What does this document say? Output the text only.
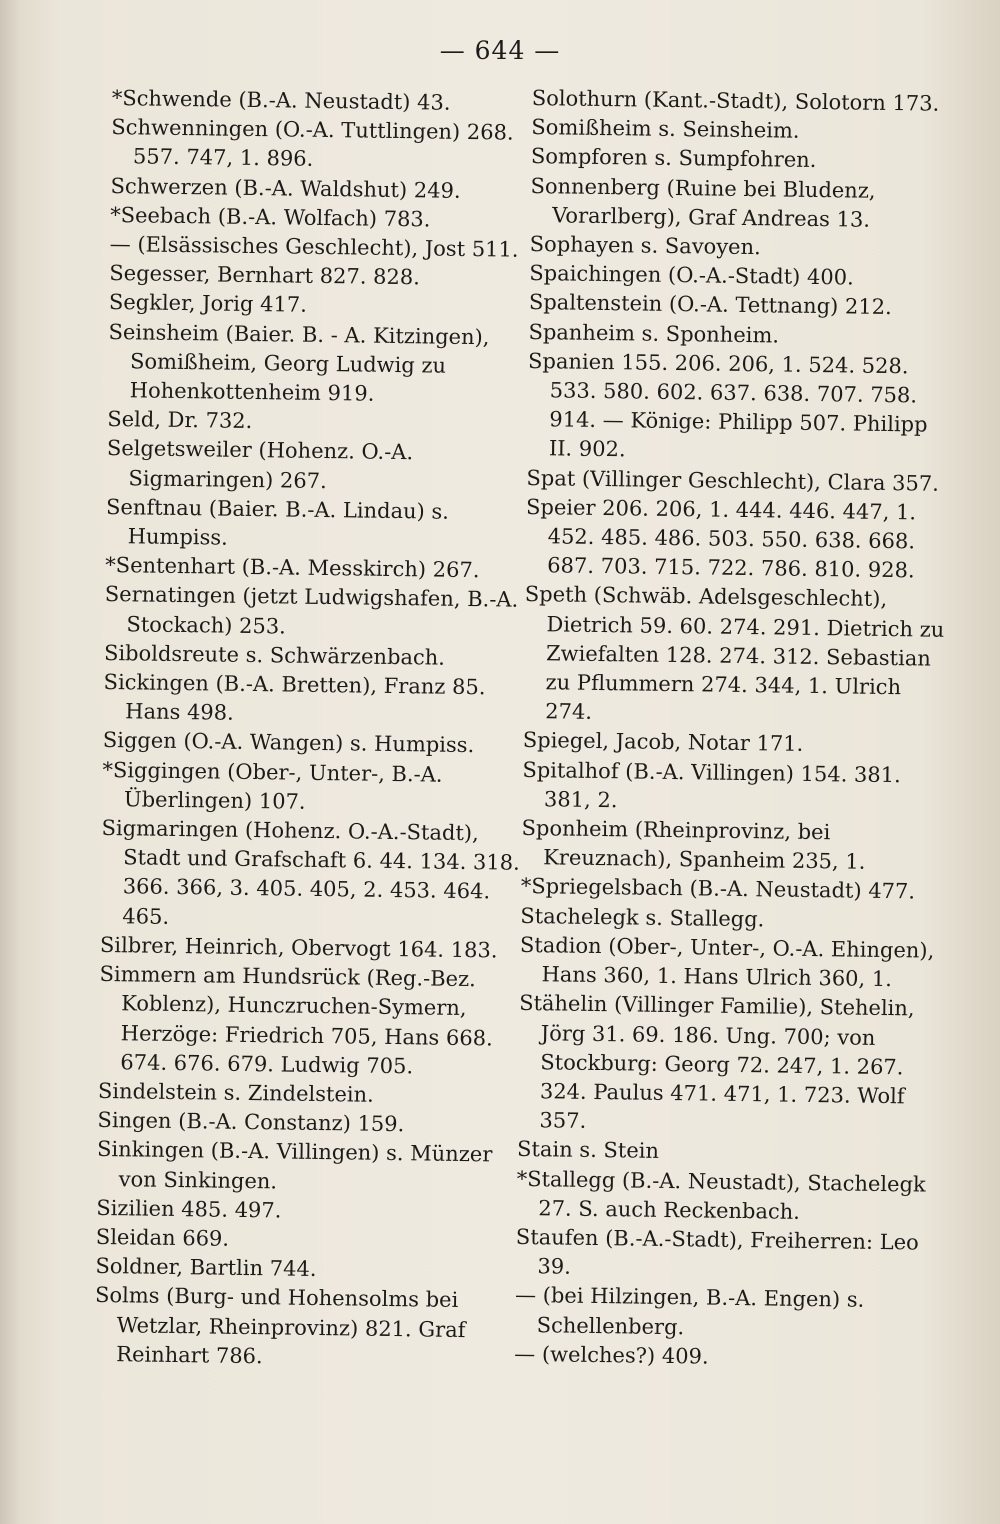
— 644 —
*Schwende (B.-A. Neustadt) 43.
Schwenningen (O.-A. Tuttlingen) 268. 557. 747, 1. 896.
Schwerzen (B.-A. Waldshut) 249.
*Seebach (B.-A. Wolfach) 783.
— (Elsässisches Geschlecht), Jost 511.
Segesser, Bernhart 827. 828.
Segkler, Jorig 417.
Seinsheim (Baier. B. - A. Kitzingen), Somißheim, Georg Ludwig zu Hohenkottenheim 919.
Seld, Dr. 732.
Selgetsweiler (Hohenz. O.-A. Sigmaringen) 267.
Senftnau (Baier. B.-A. Lindau) s. Humpiss.
*Sentenhart (B.-A. Messkirch) 267.
Sernatingen (jetzt Ludwigshafen, B.-A. Stockach) 253.
Siboldsreute s. Schwärzenbach.
Sickingen (B.-A. Bretten), Franz 85. Hans 498.
Siggen (O.-A. Wangen) s. Humpiss.
*Siggingen (Ober-, Unter-, B.-A. Überlingen) 107.
Sigmaringen (Hohenz. O.-A.-Stadt), Stadt und Grafschaft 6. 44. 134. 318. 366. 366, 3. 405. 405, 2. 453. 464. 465.
Silbrer, Heinrich, Obervogt 164. 183.
Simmern am Hundsrück (Reg.-Bez. Koblenz), Hunczruchen-Symern, Herzöge: Friedrich 705, Hans 668. 674. 676. 679. Ludwig 705.
Sindelstein s. Zindelstein.
Singen (B.-A. Constanz) 159.
Sinkingen (B.-A. Villingen) s. Münzer von Sinkingen.
Sizilien 485. 497.
Sleidan 669.
Soldner, Bartlin 744.
Solms (Burg- und Hohensolms bei Wetzlar, Rheinprovinz) 821. Graf Reinhart 786.
Solothurn (Kant.-Stadt), Solotorn 173.
Somißheim s. Seinsheim.
Sompforen s. Sumpfohren.
Sonnenberg (Ruine bei Bludenz, Vorarlberg), Graf Andreas 13.
Sophayen s. Savoyen.
Spaichingen (O.-A.-Stadt) 400.
Spaltenstein (O.-A. Tettnang) 212.
Spanheim s. Sponheim.
Spanien 155. 206. 206, 1. 524. 528. 533. 580. 602. 637. 638. 707. 758. 914. — Könige: Philipp 507. Philipp II. 902.
Spat (Villinger Geschlecht), Clara 357.
Speier 206. 206, 1. 444. 446. 447, 1. 452. 485. 486. 503. 550. 638. 668. 687. 703. 715. 722. 786. 810. 928.
Speth (Schwäb. Adelsgeschlecht), Dietrich 59. 60. 274. 291. Dietrich zu Zwiefalten 128. 274. 312. Sebastian zu Pflummern 274. 344, 1. Ulrich 274.
Spiegel, Jacob, Notar 171.
Spitalhof (B.-A. Villingen) 154. 381. 381, 2.
Sponheim (Rheinprovinz, bei Kreuznach), Spanheim 235, 1.
*Spriegelsbach (B.-A. Neustadt) 477.
Stachelegk s. Stallegg.
Stadion (Ober-, Unter-, O.-A. Ehingen), Hans 360, 1. Hans Ulrich 360, 1.
Stähelin (Villinger Familie), Stehelin, Jörg 31. 69. 186. Ung. 700; von Stockburg: Georg 72. 247, 1. 267. 324. Paulus 471. 471, 1. 723. Wolf 357.
Stain s. Stein
*Stallegg (B.-A. Neustadt), Stachelegk 27. S. auch Reckenbach.
Staufen (B.-A.-Stadt), Freiherren: Leo 39.
— (bei Hilzingen, B.-A. Engen) s. Schellenberg.
— (welches?) 409.
